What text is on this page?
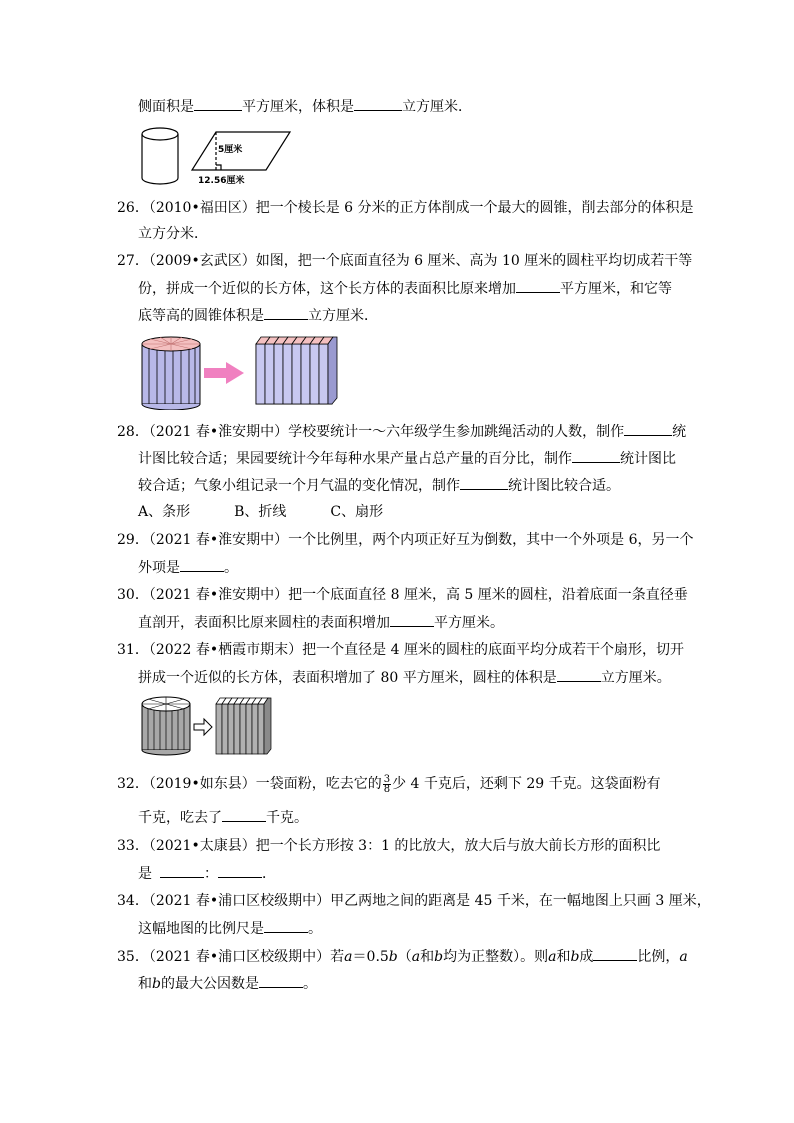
侧面积是	平方厘米，体积是	立方厘米．
5厘米
12.56厘米
26．（2010•福田区）把一个棱长是 6 分米的正方体削成一个最大的圆锥，削去部分的体积是
立方分米．
27．（2009•玄武区）如图，把一个底面直径为 6 厘米、高为 10 厘米的圆柱平均切成若干等
份，拼成一个近似的长方体，这个长方体的表面积比原来增加	平方厘米，和它等
底等高的圆锥体积是	立方厘米．
28．（2021 春•淮安期中）学校要统计一～六年级学生参加跳绳活动的人数，制作	统
计图比较合适；果园要统计今年每种水果产量占总产量的百分比，制作	统计图比
较合适；气象小组记录一个月气温的变化情况，制作	统计图比较合适。
A、条形	B、折线	C、扇形
29．（2021 春•淮安期中）一个比例里，两个内项正好互为倒数，其中一个外项是 6，另一个
外项是	。
30．（2021 春•淮安期中）把一个底面直径 8 厘米，高 5 厘米的圆柱，沿着底面一条直径垂
直剖开，表面积比原来圆柱的表面积增加	平方厘米。
31．（2022 春•栖霞市期末）把一个直径是 4 厘米的圆柱的底面平均分成若干个扇形，切开
拼成一个近似的长方体，表面积增加了 80 平方厘米，圆柱的体积是	立方厘米。
32．（2019•如东县）一袋面粉，吃去它的 $\frac{3}{8}$ 少 4 千克后，还剩下 29 千克。这袋面粉有
千克，吃去了	千克。
33．（2021•太康县）把一个长方形按 3：1 的比放大，放大后与放大前长方形的面积比
是	：	．
34．（2021 春•浦口区校级期中）甲乙两地之间的距离是 45 千米，在一幅地图上只画 3 厘米，
这幅地图的比例尺是	。
35．（2021 春•浦口区校级期中）若a＝0.5b（a和b均为正整数）。则a和b成	比例，a
和b的最大公因数是	。
